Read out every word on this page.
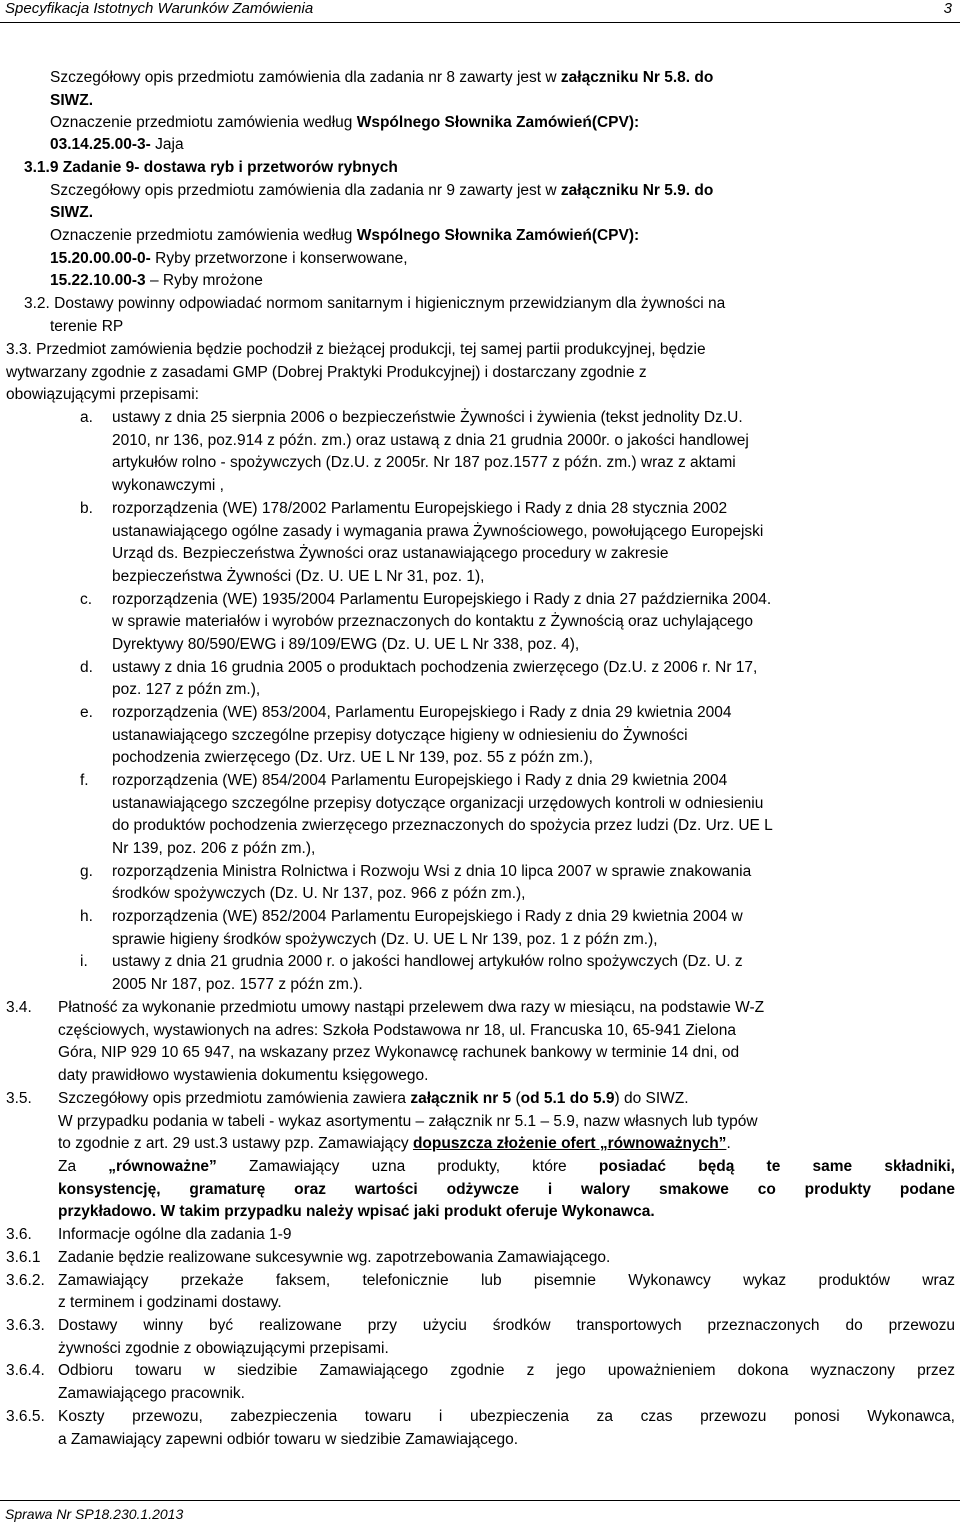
Specyfikacja Istotnych Warunków Zamówienia	3
Szczegółowy opis przedmiotu zamówienia dla zadania nr 8 zawarty jest w załączniku Nr 5.8. do
SIWZ.
Oznaczenie przedmiotu zamówienia według Wspólnego Słownika Zamówień(CPV):
03.14.25.00-3- Jaja
3.1.9 Zadanie 9- dostawa ryb i przetworów rybnych
Szczegółowy opis przedmiotu zamówienia dla zadania nr 9 zawarty jest w załączniku Nr 5.9. do
SIWZ.
Oznaczenie przedmiotu zamówienia według Wspólnego Słownika Zamówień(CPV):
15.20.00.00-0- Ryby przetworzone i konserwowane,
15.22.10.00-3 – Ryby mrożone
3.2. Dostawy powinny odpowiadać normom sanitarnym i higienicznym przewidzianym dla żywności na
terenie RP
3.3. Przedmiot zamówienia będzie pochodził z bieżącej produkcji, tej samej partii produkcyjnej, będzie
wytwarzany zgodnie z zasadami GMP (Dobrej Praktyki Produkcyjnej) i dostarczany zgodnie z
obowiązującymi przepisami:
a. ustawy z dnia 25 sierpnia 2006 o bezpieczeństwie Żywności i żywienia (tekst jednolity Dz.U.
2010, nr 136, poz.914 z późn. zm.) oraz ustawą z dnia 21 grudnia 2000r. o jakości handlowej
artykułów rolno - spożywczych (Dz.U. z 2005r. Nr 187 poz.1577 z późn. zm.) wraz z aktami
wykonawczymi ,
b. rozporządzenia (WE) 178/2002 Parlamentu Europejskiego i Rady z dnia 28 stycznia 2002
ustanawiającego ogólne zasady i wymagania prawa Żywnościowego, powołującego Europejski
Urząd ds. Bezpieczeństwa Żywności oraz ustanawiającego procedury w zakresie
bezpieczeństwa Żywności (Dz. U. UE L Nr 31, poz. 1),
c. rozporządzenia (WE) 1935/2004 Parlamentu Europejskiego i Rady z dnia 27 października 2004.
w sprawie materiałów i wyrobów przeznaczonych do kontaktu z Żywnością oraz uchylającego
Dyrektywy 80/590/EWG i 89/109/EWG (Dz. U. UE L Nr 338, poz. 4),
d. ustawy z dnia 16 grudnia 2005 o produktach pochodzenia zwierzęcego (Dz.U. z 2006 r. Nr 17,
poz. 127 z późn zm.),
e. rozporządzenia (WE) 853/2004, Parlamentu Europejskiego i Rady z dnia 29 kwietnia 2004
ustanawiającego szczególne przepisy dotyczące higieny w odniesieniu do Żywności
pochodzenia zwierzęcego (Dz. Urz. UE L Nr 139, poz. 55 z późn zm.),
f. rozporządzenia (WE) 854/2004 Parlamentu Europejskiego i Rady z dnia 29 kwietnia 2004
ustanawiającego szczególne przepisy dotyczące organizacji urzędowych kontroli w odniesieniu
do produktów pochodzenia zwierzęcego przeznaczonych do spożycia przez ludzi (Dz. Urz. UE L
Nr 139, poz. 206 z późn zm.),
g. rozporządzenia Ministra Rolnictwa i Rozwoju Wsi z dnia 10 lipca 2007 w sprawie znakowania
środków spożywczych (Dz. U. Nr 137, poz. 966 z późn zm.),
h. rozporządzenia (WE) 852/2004 Parlamentu Europejskiego i Rady z dnia 29 kwietnia 2004 w
sprawie higieny środków spożywczych (Dz. U. UE L Nr 139, poz. 1 z późn zm.),
i. ustawy z dnia 21 grudnia 2000 r. o jakości handlowej artykułów rolno spożywczych (Dz. U. z
2005 Nr 187, poz. 1577 z późn zm.).
3.4. Płatność za wykonanie przedmiotu umowy nastąpi przelewem dwa razy w miesiącu, na podstawie W-Z
częściowych, wystawionych na adres: Szkoła Podstawowa nr 18, ul. Francuska 10, 65-941 Zielona
Góra, NIP 929 10 65 947, na wskazany przez Wykonawcę rachunek bankowy w terminie 14 dni, od
daty prawidłowo wystawienia dokumentu księgowego.
3.5. Szczegółowy opis przedmiotu zamówienia zawiera załącznik nr 5 (od 5.1 do 5.9) do SIWZ.
W przypadku podania w tabeli - wykaz asortymentu – załącznik nr 5.1 – 5.9, nazw własnych lub typów
to zgodnie z art. 29 ust.3 ustawy pzp. Zamawiający dopuszcza złożenie ofert „równoważnych”.
Za „równoważne” Zamawiający uzna produkty, które posiadać będą te same składniki,
konsystencję, gramaturę oraz wartości odżywcze i walory smakowe co produkty podane
przykładowo. W takim przypadku należy wpisać jaki produkt oferuje Wykonawca.
3.6. Informacje ogólne dla zadania 1-9
3.6.1 Zadanie będzie realizowane sukcesywnie wg. zapotrzebowania Zamawiającego.
3.6.2. Zamawiający przekaże faksem, telefonicznie lub pisemnie Wykonawcy wykaz produktów wraz
z terminem i godzinami dostawy.
3.6.3. Dostawy winny być realizowane przy użyciu środków transportowych przeznaczonych do przewozu
żywności zgodnie z obowiązującymi przepisami.
3.6.4. Odbioru towaru w siedzibie Zamawiającego zgodnie z jego upoważnieniem dokona wyznaczony przez
Zamawiającego pracownik.
3.6.5. Koszty przewozu, zabezpieczenia towaru i ubezpieczenia za czas przewozu ponosi Wykonawca,
a Zamawiający zapewni odbiór towaru w siedzibie Zamawiającego.
Sprawa Nr SP18.230.1.2013
